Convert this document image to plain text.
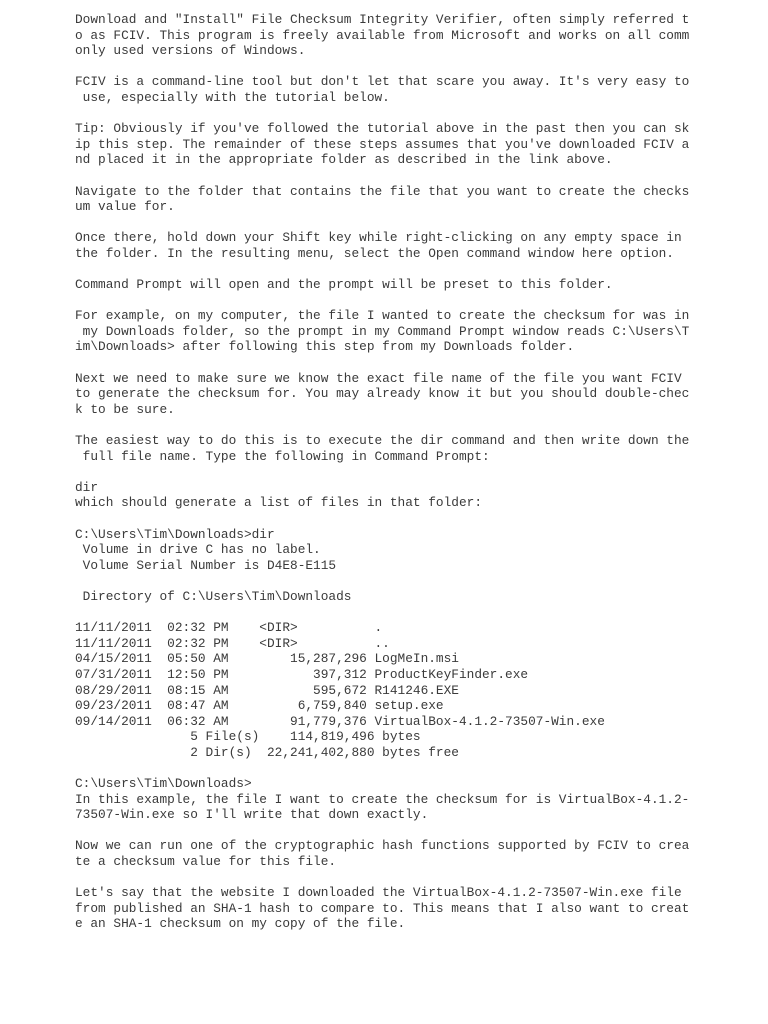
Download and "Install" File Checksum Integrity Verifier, often simply referred t
o as FCIV. This program is freely available from Microsoft and works on all comm
only used versions of Windows.
FCIV is a command-line tool but don't let that scare you away. It's very easy to
use, especially with the tutorial below.
Tip: Obviously if you've followed the tutorial above in the past then you can sk
ip this step. The remainder of these steps assumes that you've downloaded FCIV a
nd placed it in the appropriate folder as described in the link above.
Navigate to the folder that contains the file that you want to create the checks
um value for.
Once there, hold down your Shift key while right-clicking on any empty space in
the folder. In the resulting menu, select the Open command window here option.
Command Prompt will open and the prompt will be preset to this folder.
For example, on my computer, the file I wanted to create the checksum for was in
my Downloads folder, so the prompt in my Command Prompt window reads C:\Users\T
im\Downloads> after following this step from my Downloads folder.
Next we need to make sure we know the exact file name of the file you want FCIV
to generate the checksum for. You may already know it but you should double-chec
k to be sure.
The easiest way to do this is to execute the dir command and then write down the
full file name. Type the following in Command Prompt:
dir
which should generate a list of files in that folder:
C:\Users\Tim\Downloads>dir
Volume in drive C has no label.
Volume Serial Number is D4E8-E115
Directory of C:\Users\Tim\Downloads
11/11/2011  02:32 PM    <DIR>          .
11/11/2011  02:32 PM    <DIR>          ..
04/15/2011  05:50 AM        15,287,296 LogMeIn.msi
07/31/2011  12:50 PM           397,312 ProductKeyFinder.exe
08/29/2011  08:15 AM           595,672 R141246.EXE
09/23/2011  08:47 AM         6,759,840 setup.exe
09/14/2011  06:32 AM        91,779,376 VirtualBox-4.1.2-73507-Win.exe
5 File(s)    114,819,496 bytes
2 Dir(s)  22,241,402,880 bytes free
C:\Users\Tim\Downloads>
In this example, the file I want to create the checksum for is VirtualBox-4.1.2-
73507-Win.exe so I'll write that down exactly.
Now we can run one of the cryptographic hash functions supported by FCIV to crea
te a checksum value for this file.
Let's say that the website I downloaded the VirtualBox-4.1.2-73507-Win.exe file
from published an SHA-1 hash to compare to. This means that I also want to creat
e an SHA-1 checksum on my copy of the file.
